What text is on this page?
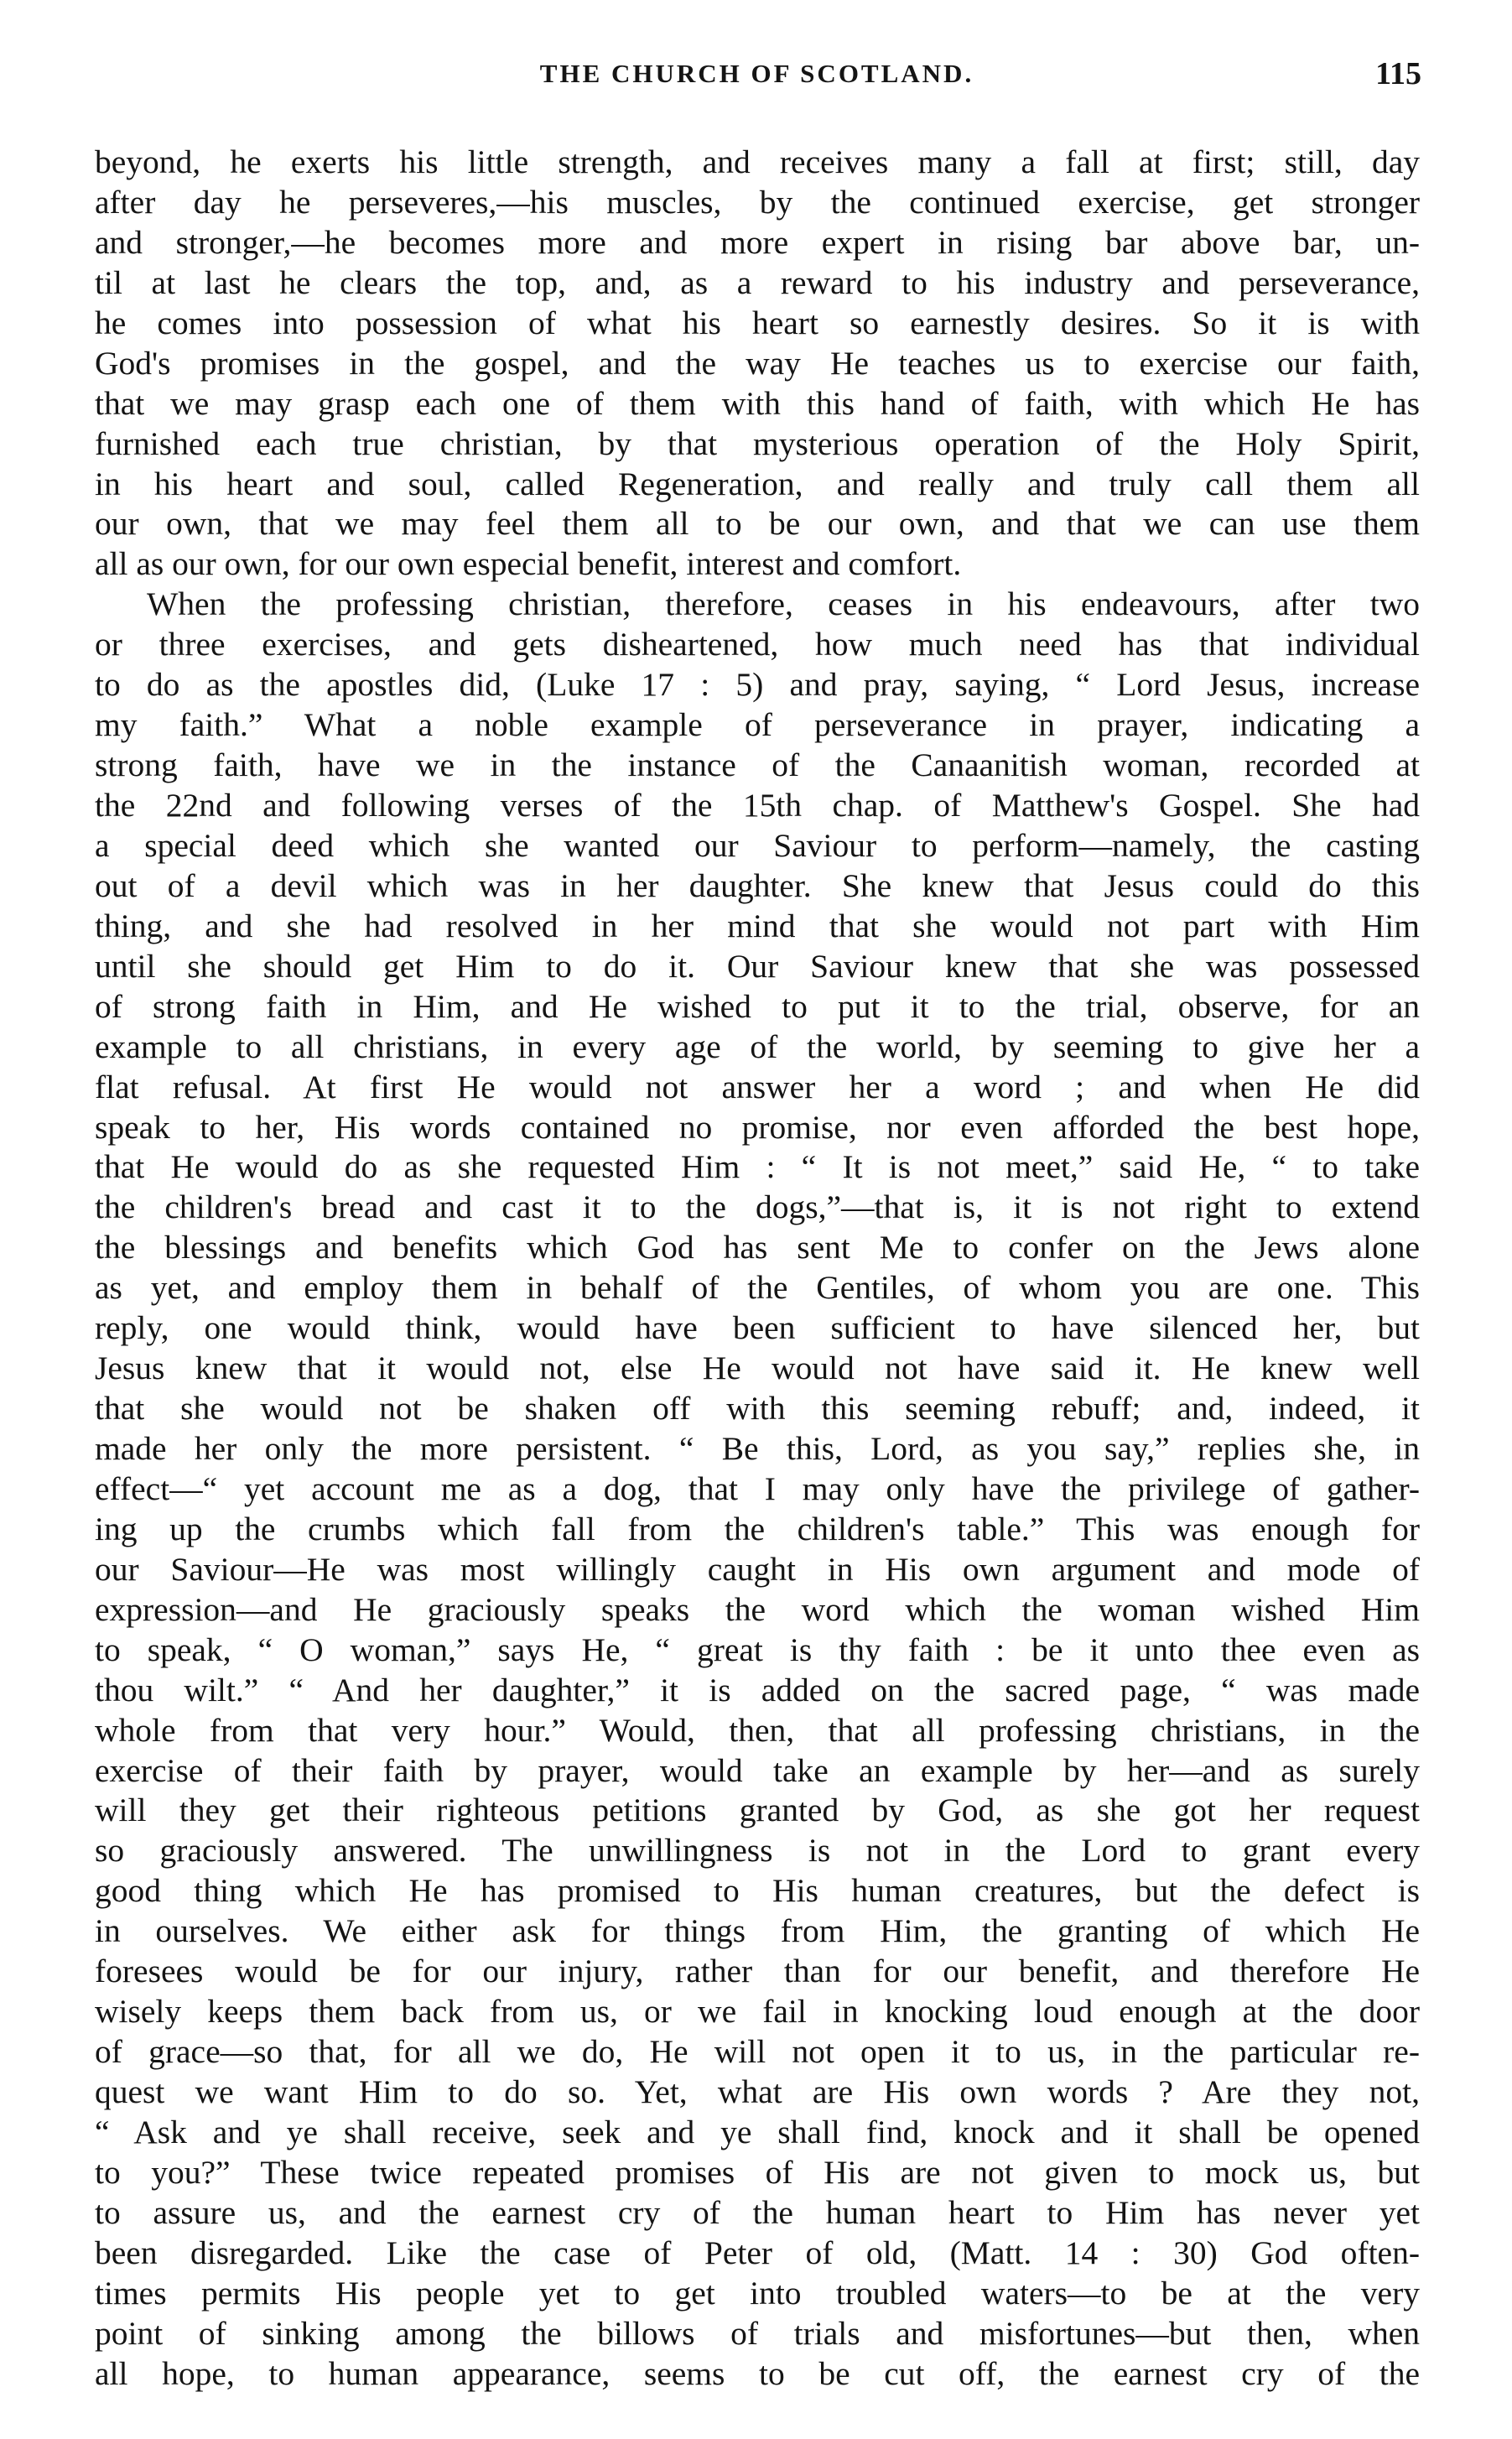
THE CHURCH OF SCOTLAND.	115
beyond, he exerts his little strength, and receives many a fall at first; still, day
after day he perseveres,—his muscles, by the continued exercise, get stronger
and stronger,—he becomes more and more expert in rising bar above bar, un-
til at last he clears the top, and, as a reward to his industry and perseverance,
he comes into possession of what his heart so earnestly desires. So it is with
God's promises in the gospel, and the way He teaches us to exercise our faith,
that we may grasp each one of them with this hand of faith, with which He has
furnished each true christian, by that mysterious operation of the Holy Spirit,
in his heart and soul, called Regeneration, and really and truly call them all
our own, that we may feel them all to be our own, and that we can use them
all as our own, for our own especial benefit, interest and comfort.
When the professing christian, therefore, ceases in his endeavours, after two
or three exercises, and gets disheartened, how much need has that individual
to do as the apostles did, (Luke 17 : 5) and pray, saying, “ Lord Jesus, increase
my faith.” What a noble example of perseverance in prayer, indicating a
strong faith, have we in the instance of the Canaanitish woman, recorded at
the 22nd and following verses of the 15th chap. of Matthew's Gospel. She had
a special deed which she wanted our Saviour to perform—namely, the casting
out of a devil which was in her daughter. She knew that Jesus could do this
thing, and she had resolved in her mind that she would not part with Him
until she should get Him to do it. Our Saviour knew that she was possessed
of strong faith in Him, and He wished to put it to the trial, observe, for an
example to all christians, in every age of the world, by seeming to give her a
flat refusal. At first He would not answer her a word ; and when He did
speak to her, His words contained no promise, nor even afforded the best hope,
that He would do as she requested Him : “ It is not meet,” said He, “ to take
the children's bread and cast it to the dogs,”—that is, it is not right to extend
the blessings and benefits which God has sent Me to confer on the Jews alone
as yet, and employ them in behalf of the Gentiles, of whom you are one. This
reply, one would think, would have been sufficient to have silenced her, but
Jesus knew that it would not, else He would not have said it. He knew well
that she would not be shaken off with this seeming rebuff; and, indeed, it
made her only the more persistent. “ Be this, Lord, as you say,” replies she, in
effect—“ yet account me as a dog, that I may only have the privilege of gather-
ing up the crumbs which fall from the children's table.” This was enough for
our Saviour—He was most willingly caught in His own argument and mode of
expression—and He graciously speaks the word which the woman wished Him
to speak, “ O woman,” says He, “ great is thy faith : be it unto thee even as
thou wilt.” “ And her daughter,” it is added on the sacred page, “ was made
whole from that very hour.” Would, then, that all professing christians, in the
exercise of their faith by prayer, would take an example by her—and as surely
will they get their righteous petitions granted by God, as she got her request
so graciously answered. The unwillingness is not in the Lord to grant every
good thing which He has promised to His human creatures, but the defect is
in ourselves. We either ask for things from Him, the granting of which He
foresees would be for our injury, rather than for our benefit, and therefore He
wisely keeps them back from us, or we fail in knocking loud enough at the door
of grace—so that, for all we do, He will not open it to us, in the particular re-
quest we want Him to do so. Yet, what are His own words ? Are they not,
“ Ask and ye shall receive, seek and ye shall find, knock and it shall be opened
to you?” These twice repeated promises of His are not given to mock us, but
to assure us, and the earnest cry of the human heart to Him has never yet
been disregarded. Like the case of Peter of old, (Matt. 14 : 30) God often-
times permits His people yet to get into troubled waters—to be at the very
point of sinking among the billows of trials and misfortunes—but then, when
all hope, to human appearance, seems to be cut off, the earnest cry of the
